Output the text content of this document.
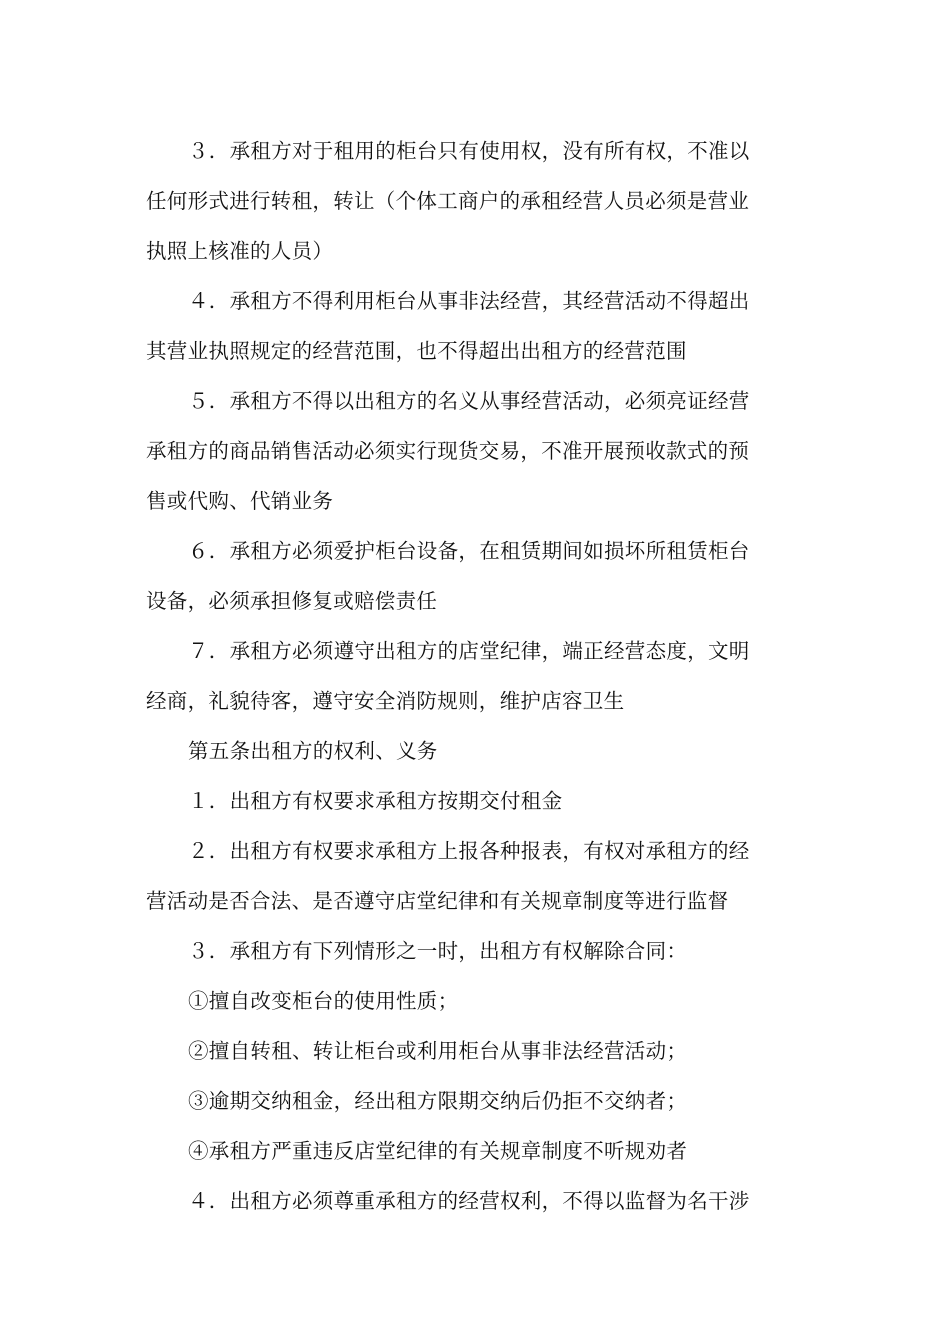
３．承租方对于租用的柜台只有使用权，没有所有权，不准以
任何形式进行转租，转让（个体工商户的承租经营人员必须是营业
执照上核准的人员）
４．承租方不得利用柜台从事非法经营，其经营活动不得超出
其营业执照规定的经营范围，也不得超出出租方的经营范围
５．承租方不得以出租方的名义从事经营活动，必须亮证经营
承租方的商品销售活动必须实行现货交易，不准开展预收款式的预
售或代购、代销业务
６．承租方必须爱护柜台设备，在租赁期间如损坏所租赁柜台
设备，必须承担修复或赔偿责任
７．承租方必须遵守出租方的店堂纪律，端正经营态度，文明
经商，礼貌待客，遵守安全消防规则，维护店容卫生
第五条出租方的权利、义务
１．出租方有权要求承租方按期交付租金
２．出租方有权要求承租方上报各种报表，有权对承租方的经
营活动是否合法、是否遵守店堂纪律和有关规章制度等进行监督
３．承租方有下列情形之一时，出租方有权解除合同：
①擅自改变柜台的使用性质；
②擅自转租、转让柜台或利用柜台从事非法经营活动；
③逾期交纳租金，经出租方限期交纳后仍拒不交纳者；
④承租方严重违反店堂纪律的有关规章制度不听规劝者
４．出租方必须尊重承租方的经营权利，不得以监督为名干涉
